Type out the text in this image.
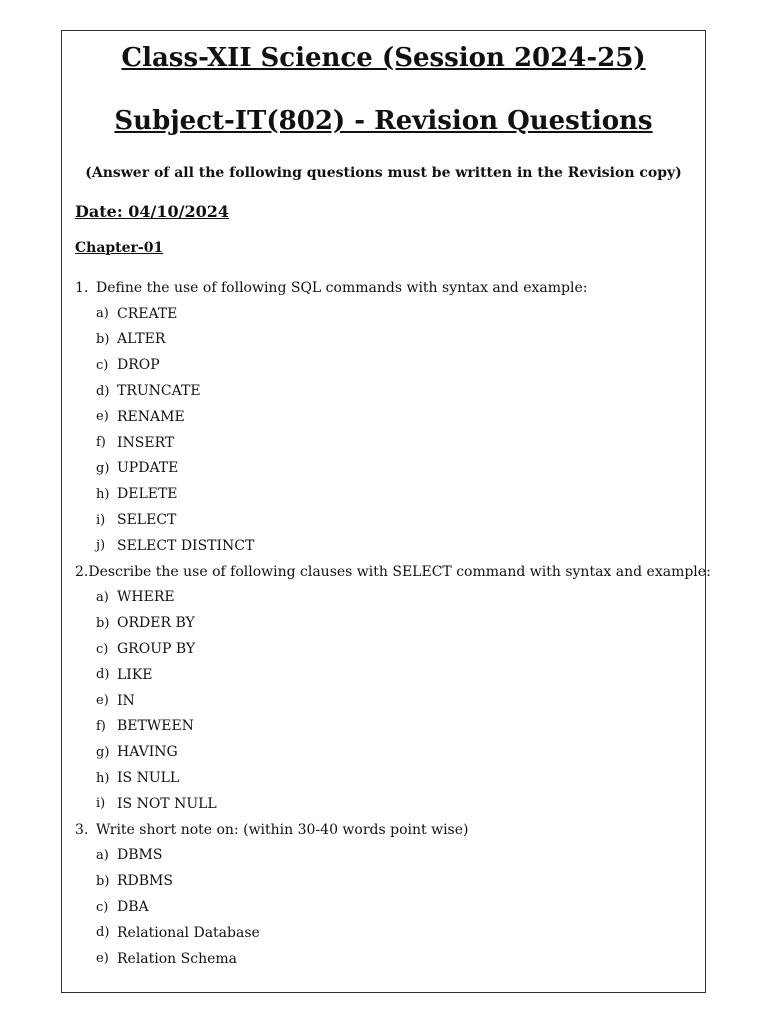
Class-XII Science (Session 2024-25)
Subject-IT(802) - Revision Questions
(Answer of all the following questions must be written in the Revision copy)
Date: 04/10/2024
Chapter-01
1. Define the use of following SQL commands with syntax and example:
a) CREATE
b) ALTER
c) DROP
d) TRUNCATE
e) RENAME
f) INSERT
g) UPDATE
h) DELETE
i) SELECT
j) SELECT DISTINCT
2. Describe the use of following clauses with SELECT command with syntax and example:
a) WHERE
b) ORDER BY
c) GROUP BY
d) LIKE
e) IN
f) BETWEEN
g) HAVING
h) IS NULL
i) IS NOT NULL
3. Write short note on: (within 30-40 words point wise)
a) DBMS
b) RDBMS
c) DBA
d) Relational Database
e) Relation Schema
